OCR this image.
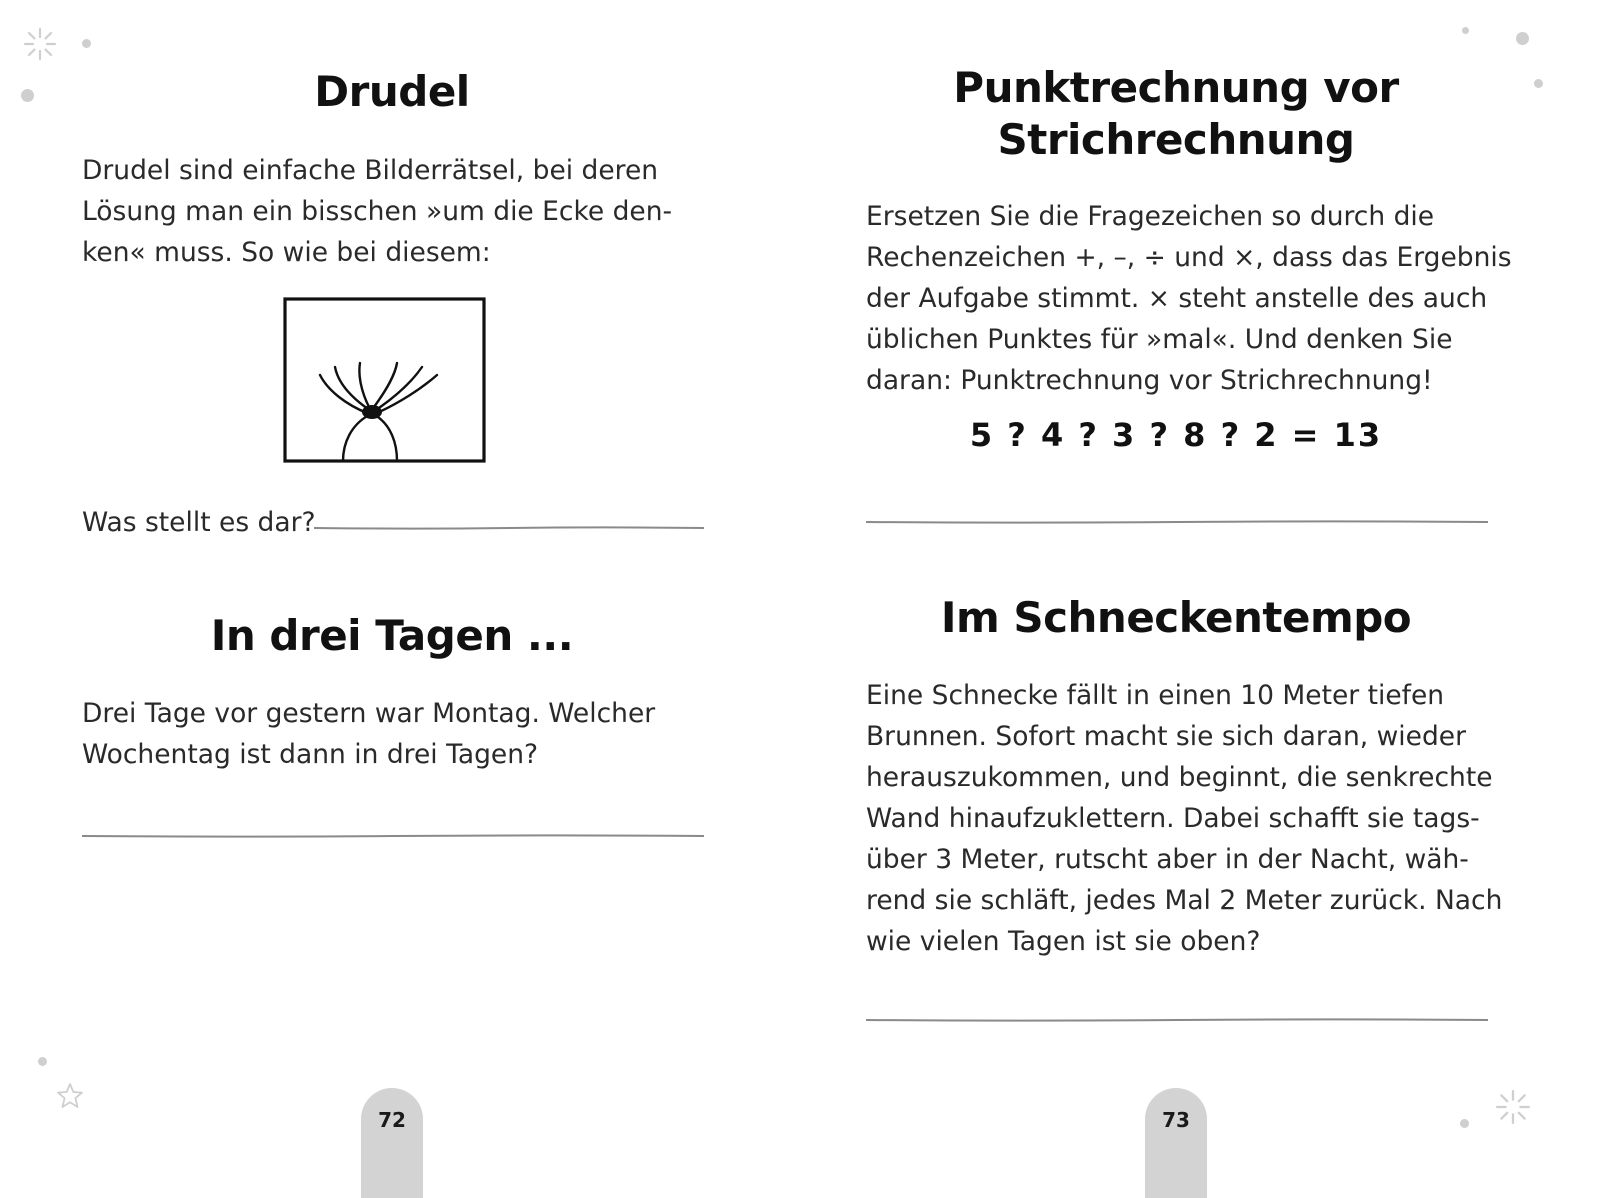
Drudel
Drudel sind einfache Bilderrätsel, bei deren
Lösung man ein bisschen »um die Ecke den-
ken« muss. So wie bei diesem:
Was stellt es dar?
In drei Tagen ...
Drei Tage vor gestern war Montag. Welcher
Wochentag ist dann in drei Tagen?
72
Punktrechnung vor
Strichrechnung
Ersetzen Sie die Fragezeichen so durch die
Rechenzeichen +, –, ÷ und ×, dass das Ergebnis
der Aufgabe stimmt. × steht anstelle des auch
üblichen Punktes für »mal«. Und denken Sie
daran: Punktrechnung vor Strichrechnung!
5 ? 4 ? 3 ? 8 ? 2 = 13
Im Schneckentempo
Eine Schnecke fällt in einen 10 Meter tiefen
Brunnen. Sofort macht sie sich daran, wieder
herauszukommen, und beginnt, die senkrechte
Wand hinaufzuklettern. Dabei schafft sie tags-
über 3 Meter, rutscht aber in der Nacht, wäh-
rend sie schläft, jedes Mal 2 Meter zurück. Nach
wie vielen Tagen ist sie oben?
73
